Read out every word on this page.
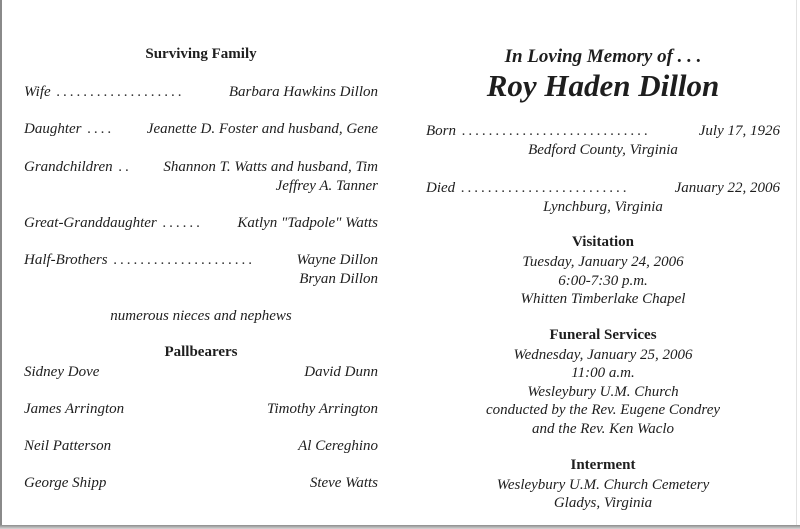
Surviving Family
Wife ...................	Barbara Hawkins Dillon
Daughter ....	Jeanette D. Foster and husband, Gene
Grandchildren ..	Shannon T. Watts and husband, Tim
Jeffrey A. Tanner
Great-Granddaughter ......	Katlyn "Tadpole" Watts
Half-Brothers .....................	Wayne Dillon
Bryan Dillon
numerous nieces and nephews
Pallbearers
Sidney Dove	David Dunn
James Arrington	Timothy Arrington
Neil Patterson	Al Cereghino
George Shipp	Steve Watts
In Loving Memory of . . .
Roy Haden Dillon
Born ............................	July 17, 1926
Bedford County, Virginia
Died .........................	January 22, 2006
Lynchburg, Virginia
Visitation
Tuesday, January 24, 2006
6:00-7:30 p.m.
Whitten Timberlake Chapel
Funeral Services
Wednesday, January 25, 2006
11:00 a.m.
Wesleybury U.M. Church
conducted by the Rev. Eugene Condrey
and the Rev. Ken Waclo
Interment
Wesleybury U.M. Church Cemetery
Gladys, Virginia
